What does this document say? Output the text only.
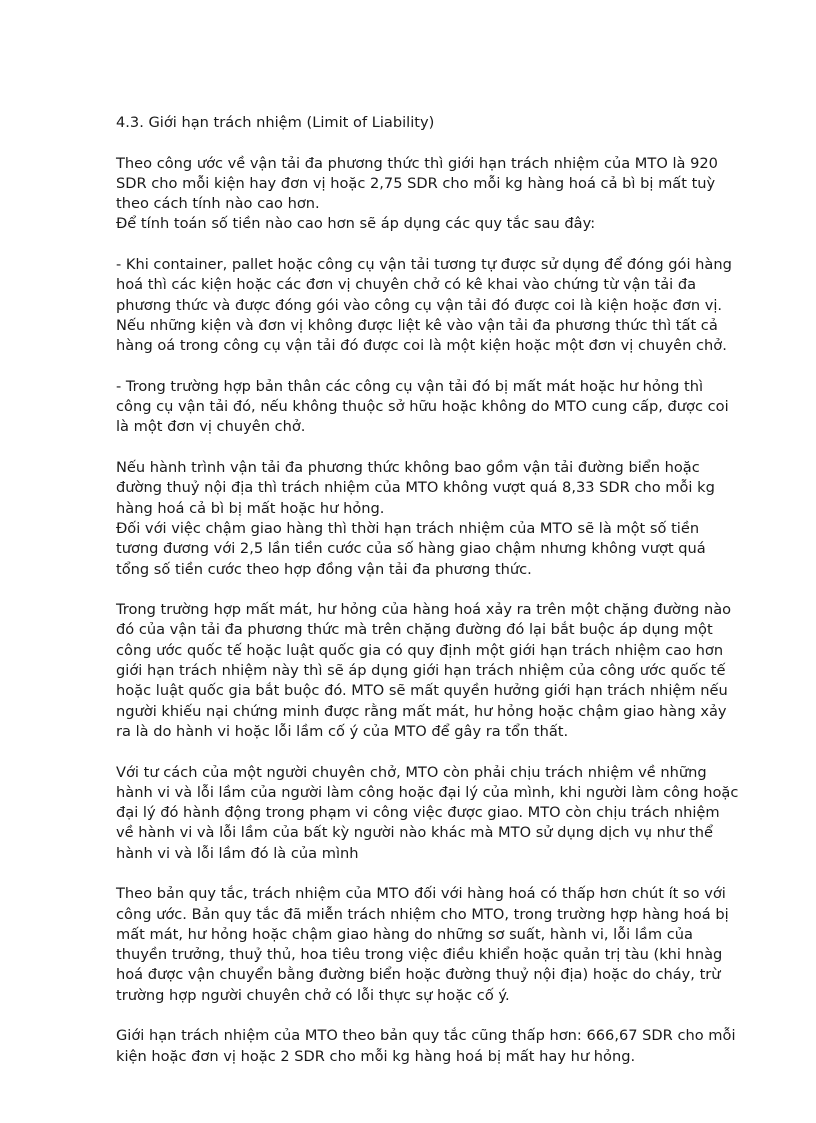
4.3. Giới hạn trách nhiệm (Limit of Liability)

Theo công ước về vận tải đa phương thức thì giới hạn trách nhiệm của MTO là 920
SDR cho mỗi kiện hay đơn vị hoặc 2,75 SDR cho mỗi kg hàng hoá cả bì bị mất tuỳ
theo cách tính nào cao hơn.

Để tính toán số tiền nào cao hơn sẽ áp dụng các quy tắc sau đây:

- Khi container, pallet hoặc công cụ vận tải tương tự được sử dụng để đóng gói hàng
hoá thì các kiện hoặc các đơn vị chuyên chở có kê khai vào chứng từ vận tải đa
phương thức và được đóng gói vào công cụ vận tải đó được coi là kiện hoặc đơn vị.
Nếu những kiện và đơn vị không được liệt kê vào vận tải đa phương thức thì tất cả
hàng oá trong công cụ vận tải đó được coi là một kiện hoặc một đơn vị chuyên chở.

- Trong trường hợp bản thân các công cụ vận tải đó bị mất mát hoặc hư hỏng thì
công cụ vận tải đó, nếu không thuộc sở hữu hoặc không do MTO cung cấp, được coi
là một đơn vị chuyên chở.

Nếu hành trình vận tải đa phương thức không bao gồm vận tải đường biển hoặc
đường thuỷ nội địa thì trách nhiệm của MTO không vượt quá 8,33 SDR cho mỗi kg
hàng hoá cả bì bị mất hoặc hư hỏng.

Đối với việc chậm giao hàng thì thời hạn trách nhiệm của MTO sẽ là một số tiền
tương đương với 2,5 lần tiền cước của số hàng giao chậm nhưng không vượt quá
tổng số tiền cước theo hợp đồng vận tải đa phương thức.

Trong trường hợp mất mát, hư hỏng của hàng hoá xảy ra trên một chặng đường nào
đó của vận tải đa phương thức mà trên chặng đường đó lại bắt buộc áp dụng một
công ước quốc tế hoặc luật quốc gia có quy định một giới hạn trách nhiệm cao hơn
giới hạn trách nhiệm này thì sẽ áp dụng giới hạn trách nhiệm của công ước quốc tế
hoặc luật quốc gia bắt buộc đó. MTO sẽ mất quyền hưởng giới hạn trách nhiệm nếu
người khiếu nại chứng minh được rằng mất mát, hư hỏng hoặc chậm giao hàng xảy
ra là do hành vi hoặc lỗi lầm cố ý của MTO để gây ra tổn thất.

Với tư cách của một người chuyên chở, MTO còn phải chịu trách nhiệm về những
hành vi và lỗi lầm của người làm công hoặc đại lý của mình, khi người làm công hoặc
đại lý đó hành động trong phạm vi công việc được giao. MTO còn chịu trách nhiệm
về hành vi và lỗi lầm của bất kỳ người nào khác mà MTO sử dụng dịch vụ như thể
hành vi và lỗi lầm đó là của mình

Theo bản quy tắc, trách nhiệm của MTO đối với hàng hoá có thấp hơn chút ít so với
công ước. Bản quy tắc đã miễn trách nhiệm cho MTO, trong trường hợp hàng hoá bị
mất mát, hư hỏng hoặc chậm giao hàng do những sơ suất, hành vi, lỗi lầm của
thuyền trưởng, thuỷ thủ, hoa tiêu trong việc điều khiển hoặc quản trị tàu (khi hnàg
hoá được vận chuyển bằng đường biển hoặc đường thuỷ nội địa) hoặc do cháy, trừ
trường hợp người chuyên chở có lỗi thực sự hoặc cố ý.

Giới hạn trách nhiệm của MTO theo bản quy tắc cũng thấp hơn: 666,67 SDR cho mỗi
kiện hoặc đơn vị hoặc 2 SDR cho mỗi kg hàng hoá bị mất hay hư hỏng.
